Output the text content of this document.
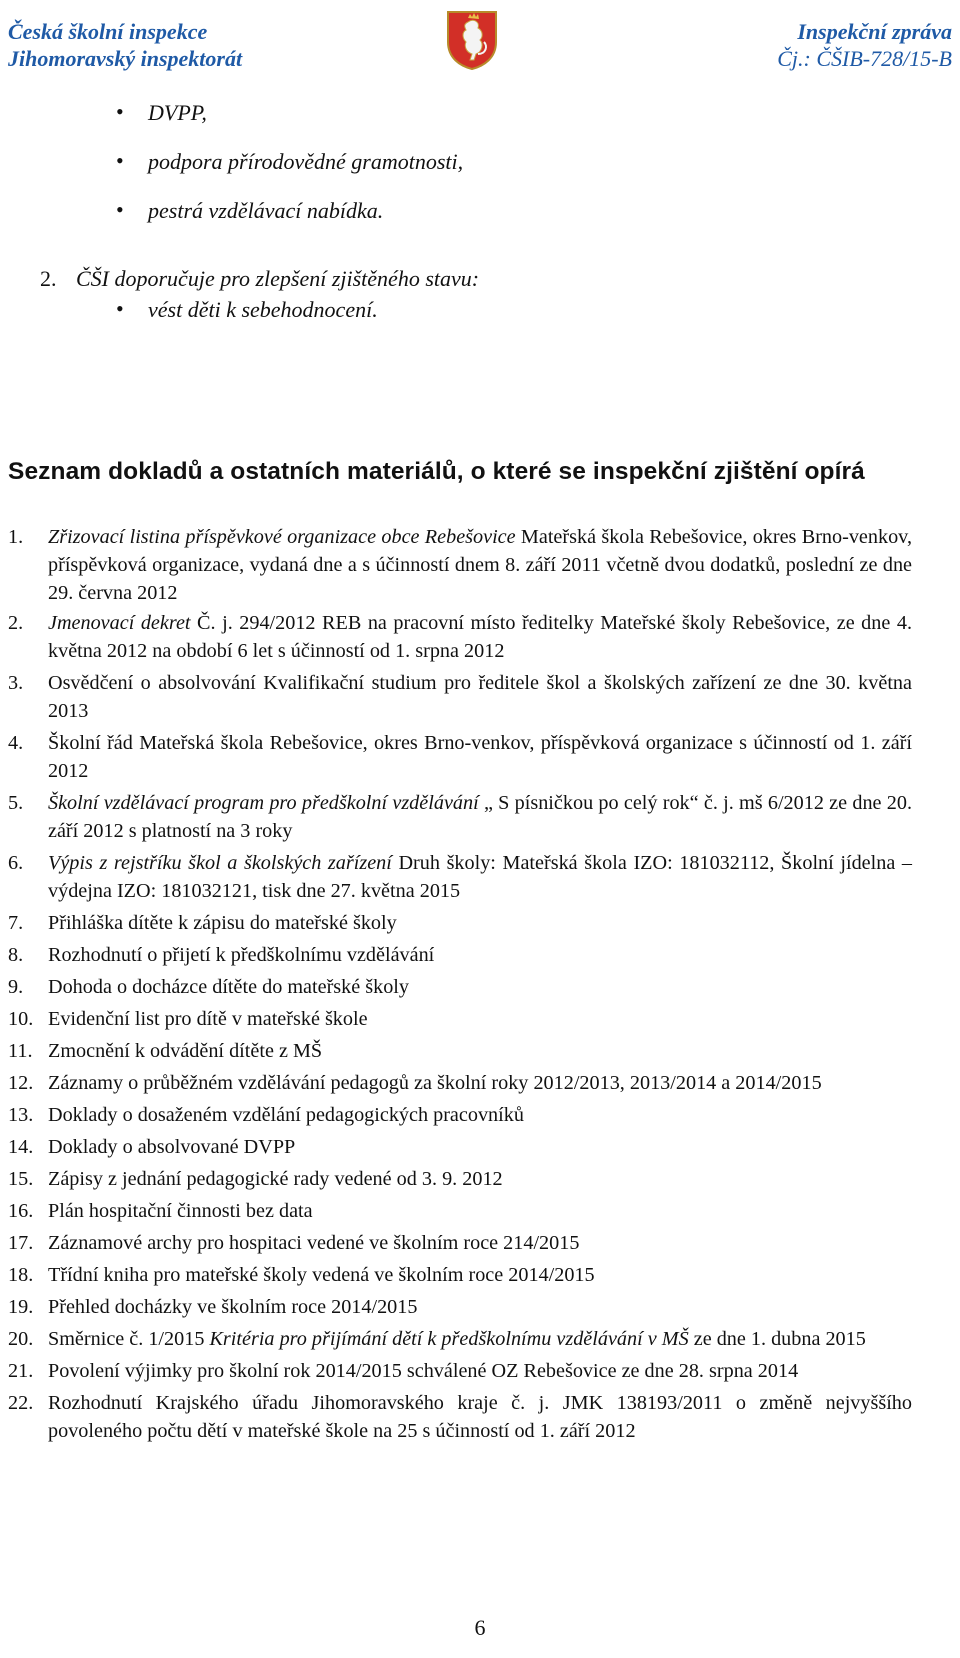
Česká školní inspekce
Jihomoravský inspektorát
Inspekční zpráva
Čj.: ČŠIB-728/15-B
• DVPP,
• podpora přírodovědné gramotnosti,
• pestrá vzdělávací nabídka.
2. ČŠI doporučuje pro zlepšení zjištěného stavu:
• vést děti k sebehodnocení.
Seznam dokladů a ostatních materiálů, o které se inspekční zjištění opírá
1. Zřizovací listina příspěvkové organizace obce Rebešovice Mateřská škola Rebešovice, okres Brno-venkov, příspěvková organizace, vydaná dne a s účinností dnem 8. září 2011 včetně dvou dodatků, poslední ze dne 29. června 2012
2. Jmenovací dekret Č. j. 294/2012 REB na pracovní místo ředitelky Mateřské školy Rebešovice, ze dne 4. května 2012 na období 6 let s účinností od 1. srpna 2012
3. Osvědčení o absolvování Kvalifikační studium pro ředitele škol a školských zařízení ze dne 30. května 2013
4. Školní řád Mateřská škola Rebešovice, okres Brno-venkov, příspěvková organizace s účinností od 1. září 2012
5. Školní vzdělávací program pro předškolní vzdělávání „ S písničkou po celý rok“ č. j. mš 6/2012 ze dne 20. září 2012 s platností na 3 roky
6. Výpis z rejstříku škol a školských zařízení Druh školy: Mateřská škola IZO: 181032112, Školní jídelna – výdejna IZO: 181032121, tisk dne 27. května 2015
7. Přihláška dítěte k zápisu do mateřské školy
8. Rozhodnutí o přijetí k předškolnímu vzdělávání
9. Dohoda o docházce dítěte do mateřské školy
10. Evidenční list pro dítě v mateřské škole
11. Zmocnění k odvádění dítěte z MŠ
12. Záznamy o průběžném vzdělávání pedagogů za školní roky 2012/2013, 2013/2014 a 2014/2015
13. Doklady o dosaženém vzdělání pedagogických pracovníků
14. Doklady o absolvované DVPP
15. Zápisy z jednání pedagogické rady vedené od 3. 9. 2012
16. Plán hospitační činnosti bez data
17. Záznamové archy pro hospitaci vedené ve školním roce 214/2015
18. Třídní kniha pro mateřské školy vedená ve školním roce 2014/2015
19. Přehled docházky ve školním roce 2014/2015
20. Směrnice č. 1/2015 Kritéria pro přijímání dětí k předškolnímu vzdělávání v MŠ ze dne 1. dubna 2015
21. Povolení výjimky pro školní rok 2014/2015 schválené OZ Rebešovice ze dne 28. srpna 2014
22. Rozhodnutí Krajského úřadu Jihomoravského kraje č. j. JMK 138193/2011 o změně nejvyššího povoleného počtu dětí v mateřské škole na 25 s účinností od 1. září 2012
6
